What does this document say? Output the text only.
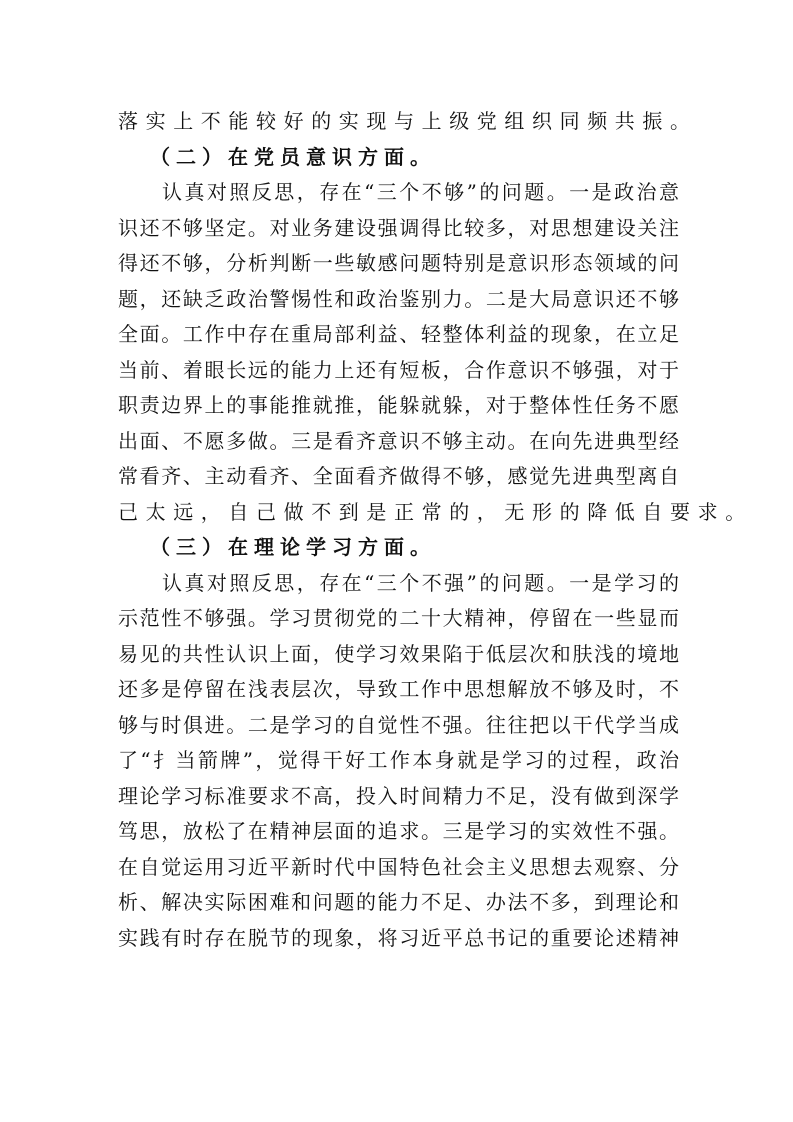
落实上不能较好的实现与上级党组织同频共振。
（二）在党员意识方面。
认真对照反思，存在“三个不够”的问题。一是政治意
识还不够坚定。对业务建设强调得比较多，对思想建设关注
得还不够，分析判断一些敏感问题特别是意识形态领域的问
题，还缺乏政治警惕性和政治鉴别力。二是大局意识还不够
全面。工作中存在重局部利益、轻整体利益的现象，在立足
当前、着眼长远的能力上还有短板，合作意识不够强，对于
职责边界上的事能推就推，能躲就躲，对于整体性任务不愿
出面、不愿多做。三是看齐意识不够主动。在向先进典型经
常看齐、主动看齐、全面看齐做得不够，感觉先进典型离自
己太远，自己做不到是正常的，无形的降低自要求。
（三）在理论学习方面。
认真对照反思，存在“三个不强”的问题。一是学习的
示范性不够强。学习贯彻党的二十大精神，停留在一些显而
易见的共性认识上面，使学习效果陷于低层次和肤浅的境地
还多是停留在浅表层次，导致工作中思想解放不够及时，不
够与时俱进。二是学习的自觉性不强。往往把以干代学当成
了“扌当箭牌”，觉得干好工作本身就是学习的过程，政治
理论学习标准要求不高，投入时间精力不足，没有做到深学
笃思，放松了在精神层面的追求。三是学习的实效性不强。
在自觉运用习近平新时代中国特色社会主义思想去观察、分
析、解决实际困难和问题的能力不足、办法不多，到理论和
实践有时存在脱节的现象，将习近平总书记的重要论述精神
